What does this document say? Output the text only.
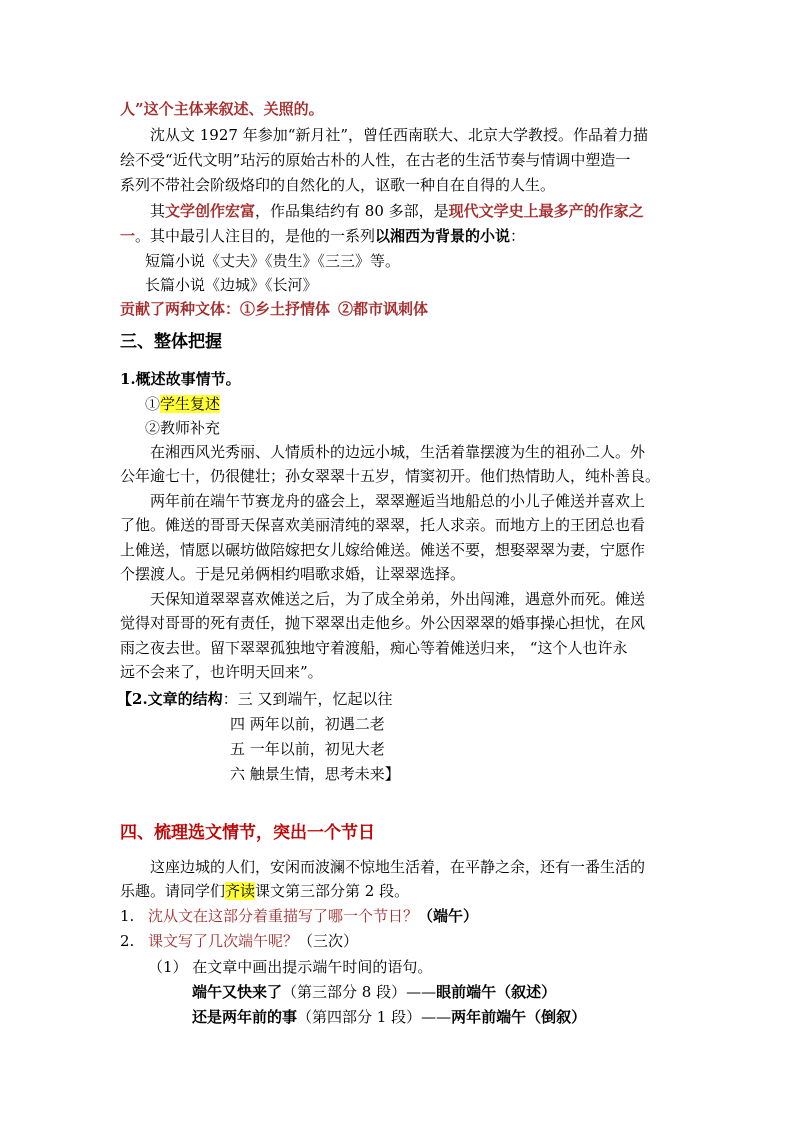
人”这个主体来叙述、关照的。
沈从文 1927 年参加“新月社”，曾任西南联大、北京大学教授。作品着力描
绘不受“近代文明”玷污的原始古朴的人性，在古老的生活节奏与情调中塑造一
系列不带社会阶级烙印的自然化的人，讴歌一种自在自得的人生。
其文学创作宏富，作品集结约有 80 多部，是现代文学史上最多产的作家之
一。其中最引人注目的，是他的一系列以湘西为背景的小说：
短篇小说《丈夫》《贵生》《三三》等。
长篇小说《边城》《长河》
贡献了两种文体：①乡土抒情体 ②都市讽刺体
三、整体把握
1.概述故事情节。
①学生复述
②教师补充
在湘西风光秀丽、人情质朴的边远小城，生活着靠摆渡为生的祖孙二人。外
公年逾七十，仍很健壮；孙女翠翠十五岁，情窦初开。他们热情助人，纯朴善良。
两年前在端午节赛龙舟的盛会上，翠翠邂逅当地船总的小儿子傩送并喜欢上
了他。傩送的哥哥天保喜欢美丽清纯的翠翠，托人求亲。而地方上的王团总也看
上傩送，情愿以碾坊做陪嫁把女儿嫁给傩送。傩送不要，想娶翠翠为妻，宁愿作
个摆渡人。于是兄弟俩相约唱歌求婚，让翠翠选择。
天保知道翠翠喜欢傩送之后，为了成全弟弟，外出闯滩，遇意外而死。傩送
觉得对哥哥的死有责任，抛下翠翠出走他乡。外公因翠翠的婚事操心担忧，在风
雨之夜去世。留下翠翠孤独地守着渡船，痴心等着傩送归来， “这个人也许永
远不会来了，也许明天回来”。
【2.文章的结构：三 又到端午，忆起以往
四 两年以前，初遇二老
五 一年以前，初见大老
六 触景生情，思考未来】
四、梳理选文情节，突出一个节日
这座边城的人们，安闲而波澜不惊地生活着，在平静之余，还有一番生活的
乐趣。请同学们齐读课文第三部分第 2 段。
1. 沈从文在这部分着重描写了哪一个节日？（端午）
2. 课文写了几次端午呢？（三次）
（1） 在文章中画出提示端午时间的语句。
端午又快来了（第三部分 8 段）——眼前端午（叙述）
还是两年前的事（第四部分 1 段）——两年前端午（倒叙）
